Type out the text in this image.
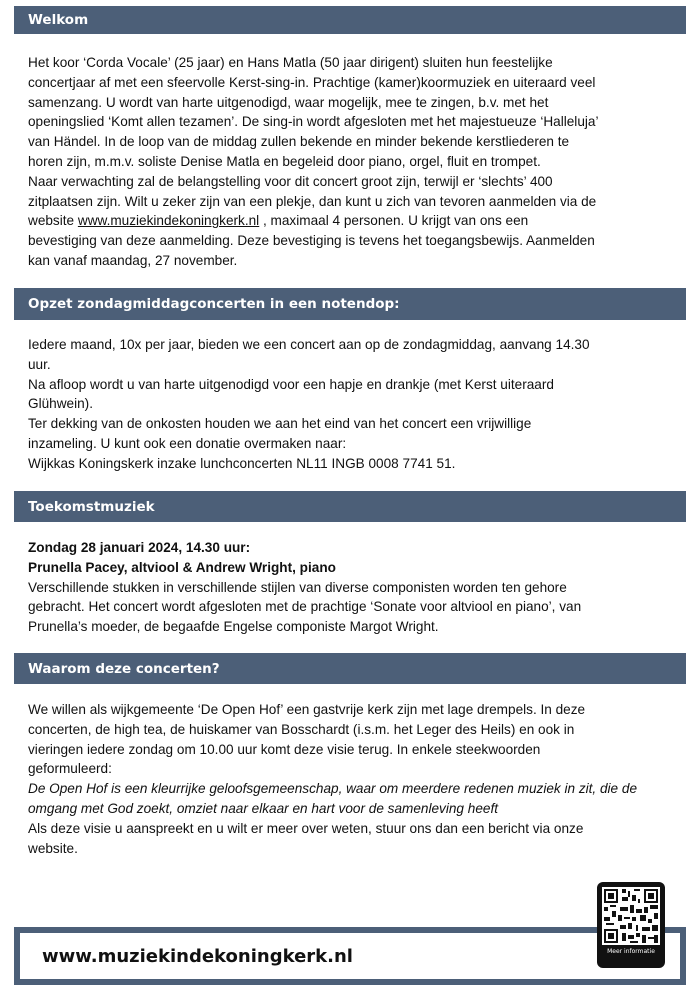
Welkom

Het koor ‘Corda Vocale’ (25 jaar) en Hans Matla (50 jaar dirigent) sluiten hun feestelijke

concertjaar af met een sfeervolle Kerst-sing-in. Prachtige (kamer)koormuziek en uiteraard veel

samenzang. U wordt van harte uitgenodigd, waar mogelijk, mee te zingen, b.v. met het

openingslied ‘Komt allen tezamen’. De sing-in wordt afgesloten met het majestueuze ‘Halleluja’

van Händel. In de loop van de middag zullen bekende en minder bekende kerstliederen te

horen zijn, m.m.v. soliste Denise Matla en begeleid door piano, orgel, fluit en trompet.

Naar verwachting zal de belangstelling voor dit concert groot zijn, terwijl er ‘slechts’ 400

zitplaatsen zijn. Wilt u zeker zijn van een plekje, dan kunt u zich van tevoren aanmelden via de

website www.muziekindekoningkerk.nl , maximaal 4 personen. U krijgt van ons een

bevestiging van deze aanmelding. Deze bevestiging is tevens het toegangsbewijs. Aanmelden

kan vanaf maandag, 27 november.

Opzet zondagmiddagconcerten in een notendop:

Iedere maand, 10x per jaar, bieden we een concert aan op de zondagmiddag, aanvang 14.30

uur.

Na afloop wordt u van harte uitgenodigd voor een hapje en drankje (met Kerst uiteraard

Glühwein).

Ter dekking van de onkosten houden we aan het eind van het concert een vrijwillige

inzameling. U kunt ook een donatie overmaken naar:

Wijkkas Koningskerk inzake lunchconcerten NL11 INGB 0008 7741 51.

Toekomstmuziek

Zondag 28 januari 2024, 14.30 uur:

Prunella Pacey, altviool & Andrew Wright, piano

Verschillende stukken in verschillende stijlen van diverse componisten worden ten gehore

gebracht. Het concert wordt afgesloten met de prachtige ‘Sonate voor altviool en piano’, van

Prunella’s moeder, de begaafde Engelse componiste Margot Wright.

Waarom deze concerten?

We willen als wijkgemeente ‘De Open Hof’ een gastvrije kerk zijn met lage drempels. In deze

concerten, de high tea, de huiskamer van Bosschardt (i.s.m. het Leger des Heils) en ook in

vieringen iedere zondag om 10.00 uur komt deze visie terug. In enkele steekwoorden

geformuleerd:

De Open Hof is een kleurrijke geloofsgemeenschap, waar om meerdere redenen muziek in zit, die de

omgang met God zoekt, omziet naar elkaar en hart voor de samenleving heeft

Als deze visie u aanspreekt en u wilt er meer over weten, stuur ons dan een bericht via onze

website.

www.muziekindekoningkerk.nl	Meer informatie
